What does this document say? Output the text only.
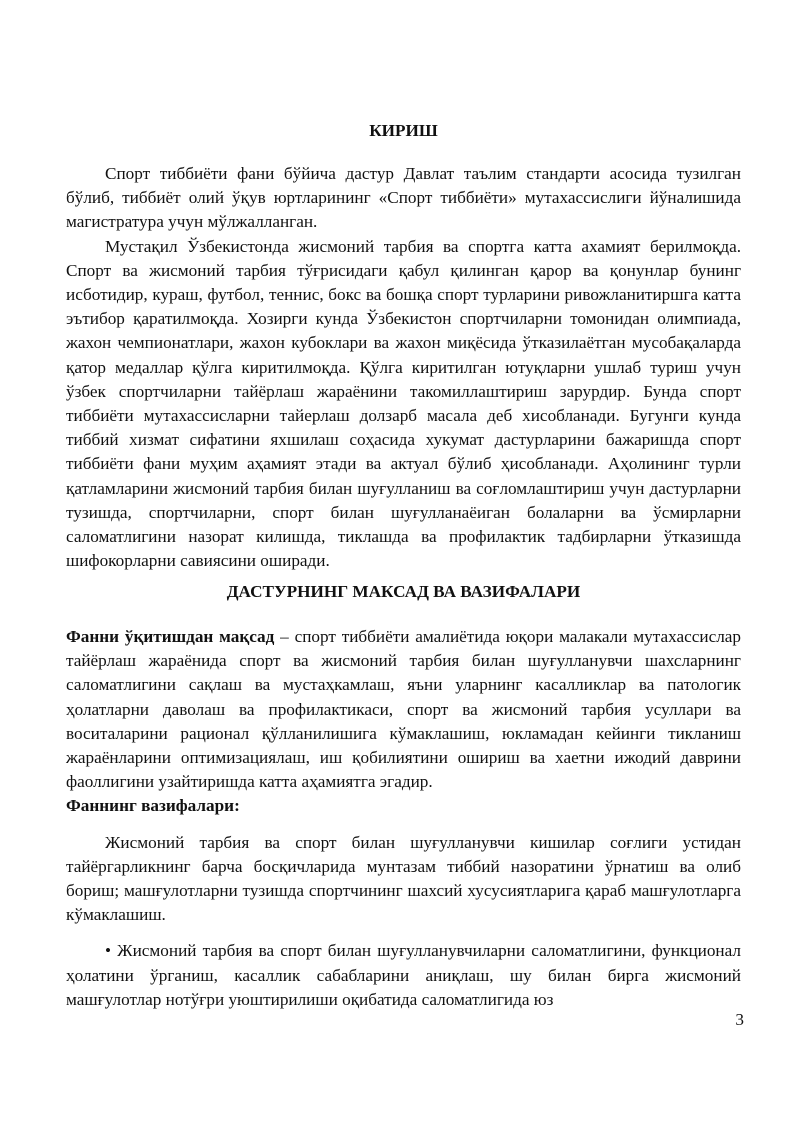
КИРИШ

Спорт тиббиёти фани бўйича дастур Давлат таълим стандарти асосида тузилган бўлиб, тиббиёт олий ўқув юртларининг «Спорт тиббиёти» мутахассислиги йўналишида магистратура учун мўлжалланган.

Мустақил Ўзбекистонда жисмоний тарбия ва спортга катта ахамият берилмоқда. Спорт ва жисмоний тарбия тўғрисидаги қабул қилинган қарор ва қонунлар бунинг исботидир, кураш, футбол, теннис, бокс ва бошқа спорт турларини ривожланитиршга катта эътибор қаратилмоқда. Хозирги кунда Ўзбекистон спортчиларни томонидан олимпиада, жахон чемпионатлари, жахон кубоклари ва жахон миқёсида ўтказилаётган мусобақаларда қатор медаллар қўлга киритилмоқда. Қўлга киритилган ютуқларни ушлаб туриш учун ўзбек спортчиларни тайёрлаш жараёнини такомиллаштириш зарурдир. Бунда спорт тиббиёти мутахассисларни тайерлаш долзарб масала деб хисобланади. Бугунги кунда тиббий хизмат сифатини яхшилаш соҳасида хукумат дастурларини бажаришда спорт тиббиёти фани муҳим аҳамият этади ва актуал бўлиб ҳисобланади. Аҳолининг турли қатламларини жисмоний тарбия билан шуғулланиш ва соғломлаштириш учун дастурларни тузишда, спортчиларни, спорт билан шуғулланаёиган болаларни ва ўсмирларни саломатлигини назорат килишда, тиклашда ва профилактик тадбирларни ўтказишда шифокорларни савиясини оширади.

ДАСТУРНИНГ МАКСАД ВА ВАЗИФАЛАРИ

Фанни ўқитишдан мақсад – спорт тиббиёти амалиётида юқори малакали мутахассислар тайёрлаш жараёнида спорт ва жисмоний тарбия билан шуғулланувчи шахсларнинг саломатлигини сақлаш ва мустаҳкамлаш, яъни уларнинг касалликлар ва патологик ҳолатларни даволаш ва профилактикаси, спорт ва жисмоний тарбия усуллари ва воситаларини рационал қўлланилишига кўмаклашиш, юкламадан кейинги тикланиш жараёнларини оптимизациялаш, иш қобилиятини ошириш ва хаетни ижодий даврини фаоллигини узайтиришда катта аҳамиятга эгадир.

Фаннинг вазифалари:

Жисмоний тарбия ва спорт билан шуғулланувчи кишилар соғлиги устидан тайёргарликнинг барча босқичларида мунтазам тиббий назоратини ўрнатиш ва олиб бориш; машғулотларни тузишда спортчининг шахсий хусусиятларига қараб машғулотларга кўмаклашиш.

• Жисмоний тарбия ва спорт билан шуғулланувчиларни саломатлигини, функционал ҳолатини ўрганиш, касаллик сабабларини аниқлаш, шу билан бирга жисмоний машғулотлар нотўғри уюштирилиши оқибатида саломатлигида юз

3
